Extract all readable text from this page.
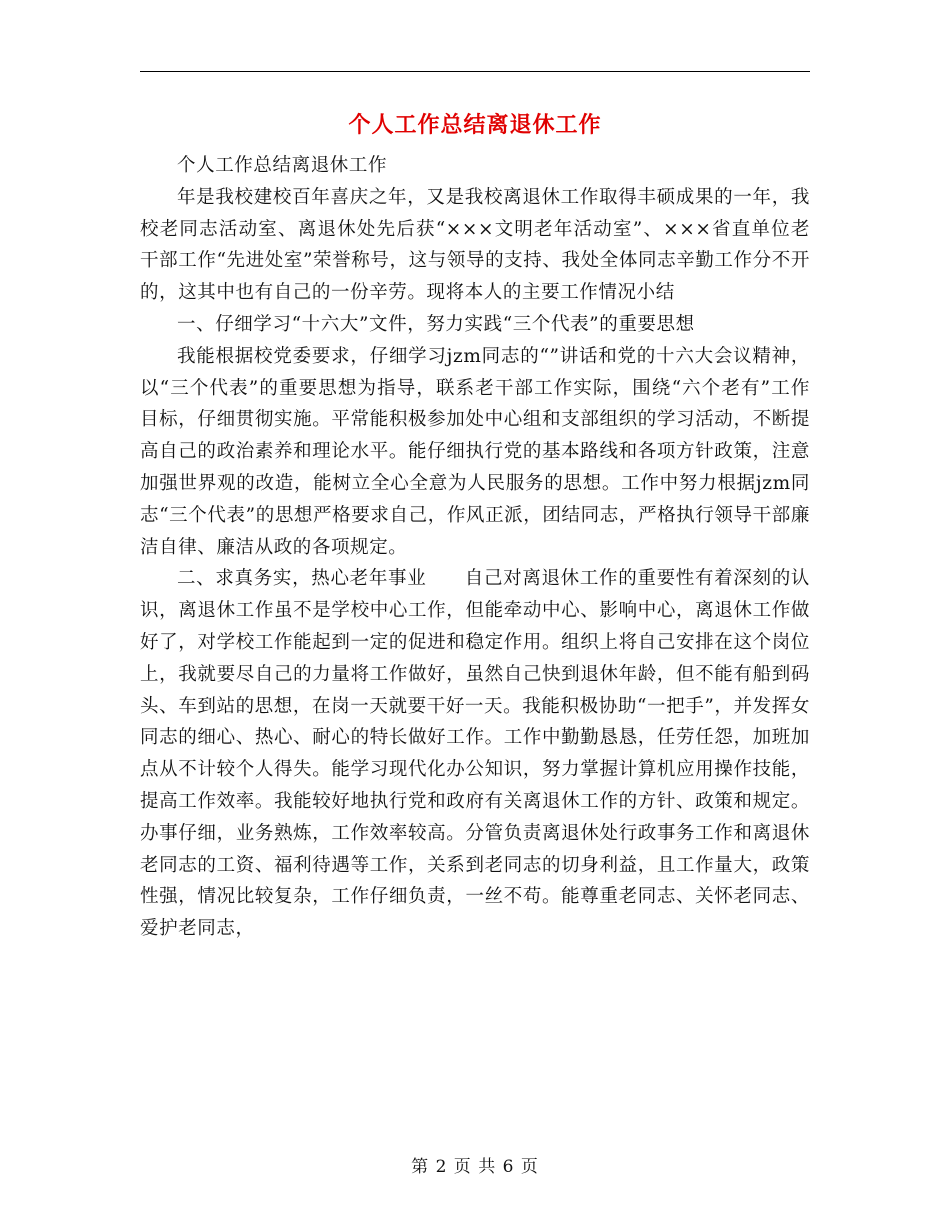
个人工作总结离退休工作

个人工作总结离退休工作

年是我校建校百年喜庆之年，又是我校离退休工作取得丰硕成果的一年，我校老同志活动室、离退休处先后获“×××文明老年活动室”、×××省直单位老干部工作“先进处室”荣誉称号，这与领导的支持、我处全体同志辛勤工作分不开的，这其中也有自己的一份辛劳。现将本人的主要工作情况小结

一、仔细学习“十六大”文件，努力实践“三个代表”的重要思想

我能根据校党委要求，仔细学习jzm同志的“”讲话和党的十六大会议精神，以“三个代表”的重要思想为指导，联系老干部工作实际，围绕“六个老有”工作目标，仔细贯彻实施。平常能积极参加处中心组和支部组织的学习活动，不断提高自己的政治素养和理论水平。能仔细执行党的基本路线和各项方针政策，注意加强世界观的改造，能树立全心全意为人民服务的思想。工作中努力根据jzm同志“三个代表”的思想严格要求自己，作风正派，团结同志，严格执行领导干部廉洁自律、廉洁从政的各项规定。

二、求真务实，热心老年事业　　自己对离退休工作的重要性有着深刻的认识，离退休工作虽不是学校中心工作，但能牵动中心、影响中心，离退休工作做好了，对学校工作能起到一定的促进和稳定作用。组织上将自己安排在这个岗位上，我就要尽自己的力量将工作做好，虽然自己快到退休年龄，但不能有船到码头、车到站的思想，在岗一天就要干好一天。我能积极协助“一把手”，并发挥女同志的细心、热心、耐心的特长做好工作。工作中勤勤恳恳，任劳任怨，加班加点从不计较个人得失。能学习现代化办公知识，努力掌握计算机应用操作技能，提高工作效率。我能较好地执行党和政府有关离退休工作的方针、政策和规定。办事仔细，业务熟炼，工作效率较高。分管负责离退休处行政事务工作和离退休老同志的工资、福利待遇等工作，关系到老同志的切身利益，且工作量大，政策性强，情况比较复杂，工作仔细负责，一丝不苟。能尊重老同志、关怀老同志、爱护老同志，

第 2 页 共 6 页
